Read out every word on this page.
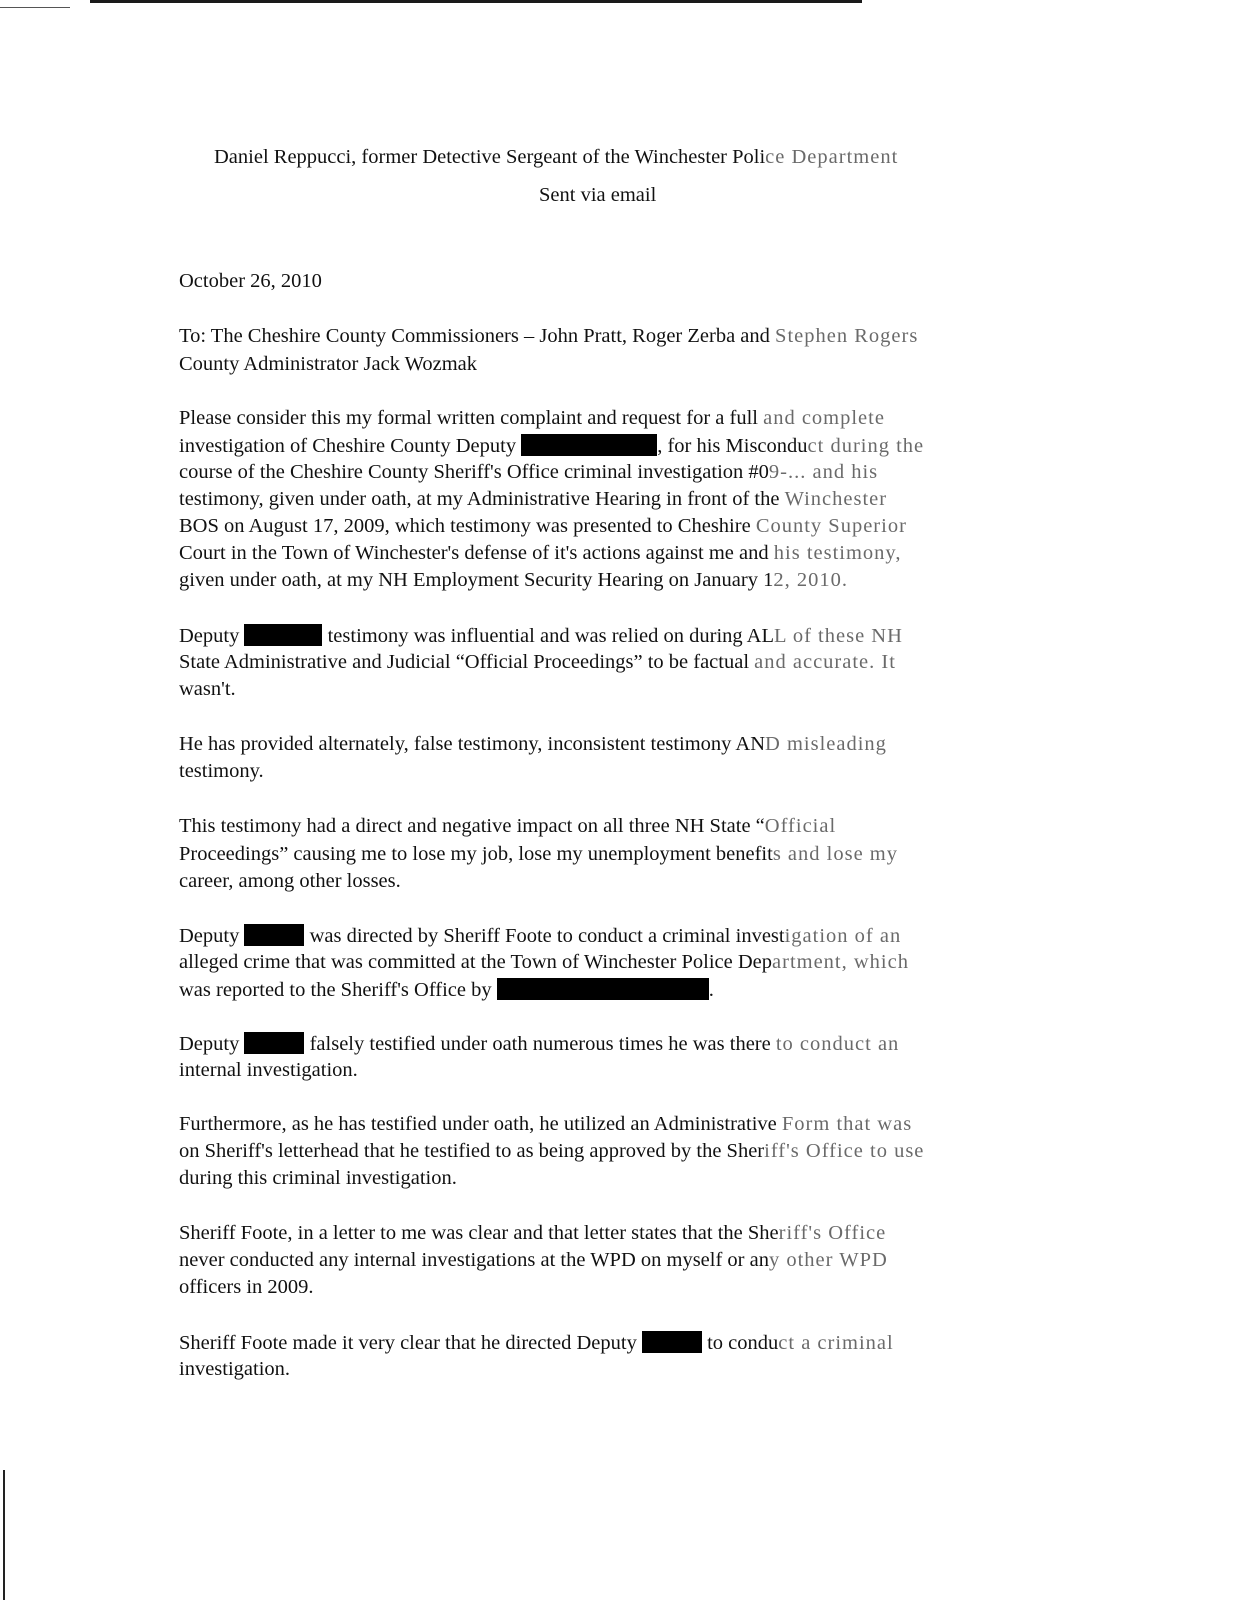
Daniel Reppucci, former Detective Sergeant of the Winchester Police Department
Sent via email
October 26, 2010
To: The Cheshire County Commissioners – John Pratt, Roger Zerba and Stephen Rogers
County Administrator Jack Wozmak
Please consider this my formal written complaint and request for a full and complete
investigation of Cheshire County Deputy	, for his Misconduct during the
course of the Cheshire County Sheriff's Office criminal investigation #09-... and his
testimony, given under oath, at my Administrative Hearing in front of the Winchester
BOS on August 17, 2009, which testimony was presented to Cheshire County Superior
Court in the Town of Winchester's defense of it's actions against me and his testimony,
given under oath, at my NH Employment Security Hearing on January 12, 2010.
Deputy	testimony was influential and was relied on during ALL of these NH
State Administrative and Judicial “Official Proceedings” to be factual and accurate. It
wasn't.
He has provided alternately, false testimony, inconsistent testimony AND misleading
testimony.
This testimony had a direct and negative impact on all three NH State “Official
Proceedings” causing me to lose my job, lose my unemployment benefits and lose my
career, among other losses.
Deputy	was directed by Sheriff Foote to conduct a criminal investigation of an
alleged crime that was committed at the Town of Winchester Police Department, which
was reported to the Sheriff's Office by	.
Deputy	falsely testified under oath numerous times he was there to conduct an
internal investigation.
Furthermore, as he has testified under oath, he utilized an Administrative Form that was
on Sheriff's letterhead that he testified to as being approved by the Sheriff's Office to use
during this criminal investigation.
Sheriff Foote, in a letter to me was clear and that letter states that the Sheriff's Office
never conducted any internal investigations at the WPD on myself or any other WPD
officers in 2009.
Sheriff Foote made it very clear that he directed Deputy	to conduct a criminal
investigation.
